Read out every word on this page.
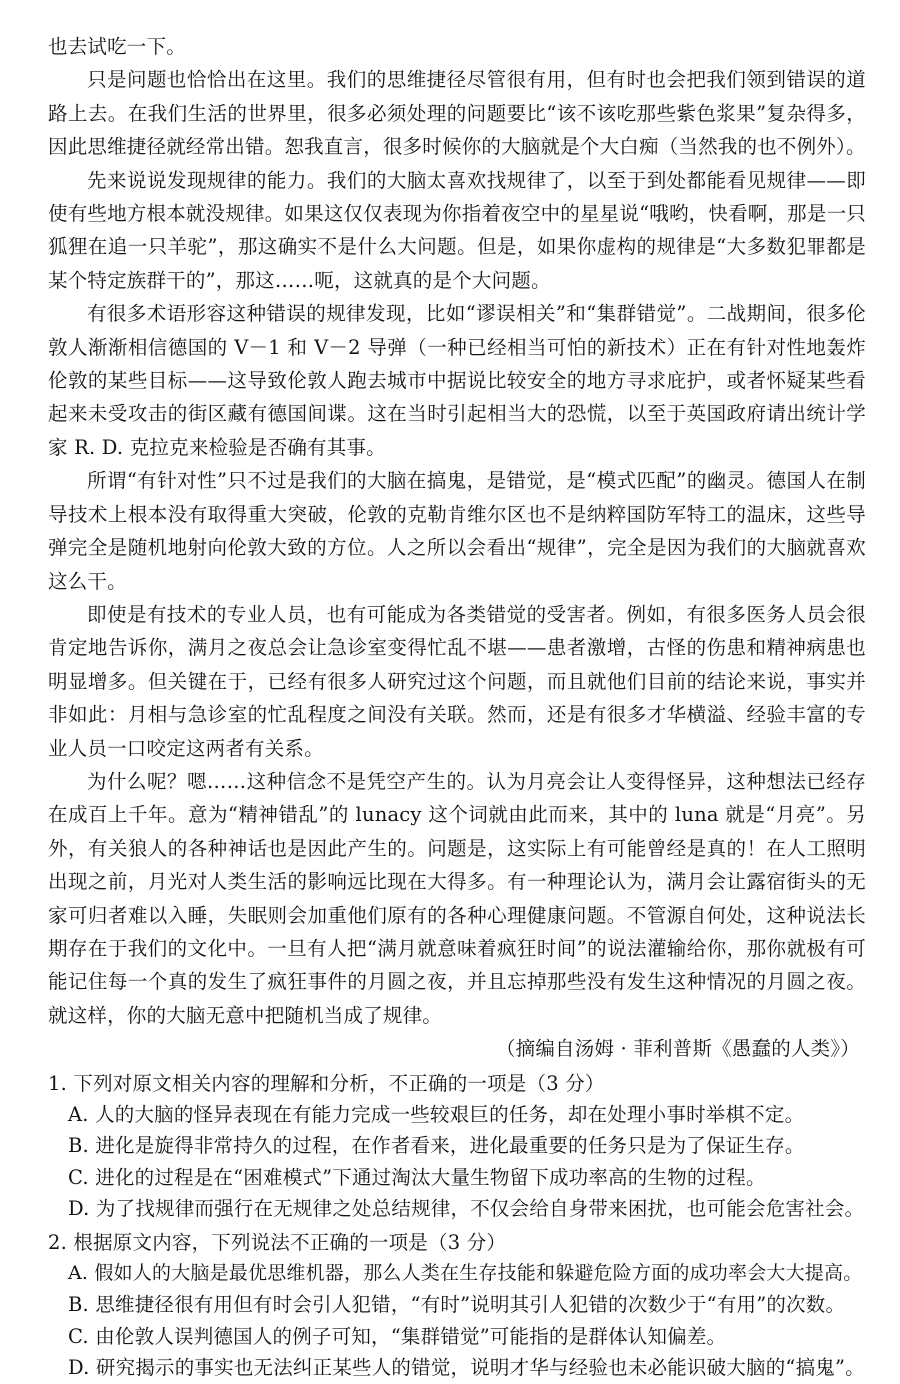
也去试吃一下。

只是问题也恰恰出在这里。我们的思维捷径尽管很有用，但有时也会把我们领到错误的道路上去。在我们生活的世界里，很多必须处理的问题要比“该不该吃那些紫色浆果”复杂得多，因此思维捷径就经常出错。恕我直言，很多时候你的大脑就是个大白痴（当然我的也不例外）。

先来说说发现规律的能力。我们的大脑太喜欢找规律了，以至于到处都能看见规律——即使有些地方根本就没规律。如果这仅仅表现为你指着夜空中的星星说“哦哟，快看啊，那是一只狐狸在追一只羊驼”，那这确实不是什么大问题。但是，如果你虚构的规律是“大多数犯罪都是某个特定族群干的”，那这……呃，这就真的是个大问题。

有很多术语形容这种错误的规律发现，比如“谬误相关”和“集群错觉”。二战期间，很多伦敦人渐渐相信德国的 V－1 和 V－2 导弹（一种已经相当可怕的新技术）正在有针对性地轰炸伦敦的某些目标——这导致伦敦人跑去城市中据说比较安全的地方寻求庇护，或者怀疑某些看起来未受攻击的街区藏有德国间谍。这在当时引起相当大的恐慌，以至于英国政府请出统计学家 R. D. 克拉克来检验是否确有其事。

所谓“有针对性”只不过是我们的大脑在搞鬼，是错觉，是“模式匹配”的幽灵。德国人在制导技术上根本没有取得重大突破，伦敦的克勒肯维尔区也不是纳粹国防军特工的温床，这些导弹完全是随机地射向伦敦大致的方位。人之所以会看出“规律”，完全是因为我们的大脑就喜欢这么干。

即使是有技术的专业人员，也有可能成为各类错觉的受害者。例如，有很多医务人员会很肯定地告诉你，满月之夜总会让急诊室变得忙乱不堪——患者激增，古怪的伤患和精神病患也明显增多。但关键在于，已经有很多人研究过这个问题，而且就他们目前的结论来说，事实并非如此：月相与急诊室的忙乱程度之间没有关联。然而，还是有很多才华横溢、经验丰富的专业人员一口咬定这两者有关系。

为什么呢？嗯……这种信念不是凭空产生的。认为月亮会让人变得怪异，这种想法已经存在成百上千年。意为“精神错乱”的 lunacy 这个词就由此而来，其中的 luna 就是“月亮”。另外，有关狼人的各种神话也是因此产生的。问题是，这实际上有可能曾经是真的！在人工照明出现之前，月光对人类生活的影响远比现在大得多。有一种理论认为，满月会让露宿街头的无家可归者难以入睡，失眠则会加重他们原有的各种心理健康问题。不管源自何处，这种说法长期存在于我们的文化中。一旦有人把“满月就意味着疯狂时间”的说法灌输给你，那你就极有可能记住每一个真的发生了疯狂事件的月圆之夜，并且忘掉那些没有发生这种情况的月圆之夜。就这样，你的大脑无意中把随机当成了规律。

（摘编自汤姆 · 菲利普斯《愚蠢的人类》）

1. 下列对原文相关内容的理解和分析，不正确的一项是（3 分）

A. 人的大脑的怪异表现在有能力完成一些较艰巨的任务，却在处理小事时举棋不定。

B. 进化是旋得非常持久的过程，在作者看来，进化最重要的任务只是为了保证生存。

C. 进化的过程是在“困难模式”下通过淘汰大量生物留下成功率高的生物的过程。

D. 为了找规律而强行在无规律之处总结规律，不仅会给自身带来困扰，也可能会危害社会。

2. 根据原文内容，下列说法不正确的一项是（3 分）

A. 假如人的大脑是最优思维机器，那么人类在生存技能和躲避危险方面的成功率会大大提高。

B. 思维捷径很有用但有时会引人犯错，“有时”说明其引人犯错的次数少于“有用”的次数。

C. 由伦敦人误判德国人的例子可知，“集群错觉”可能指的是群体认知偏差。

D. 研究揭示的事实也无法纠正某些人的错觉，说明才华与经验也未必能识破大脑的“搞鬼”。
